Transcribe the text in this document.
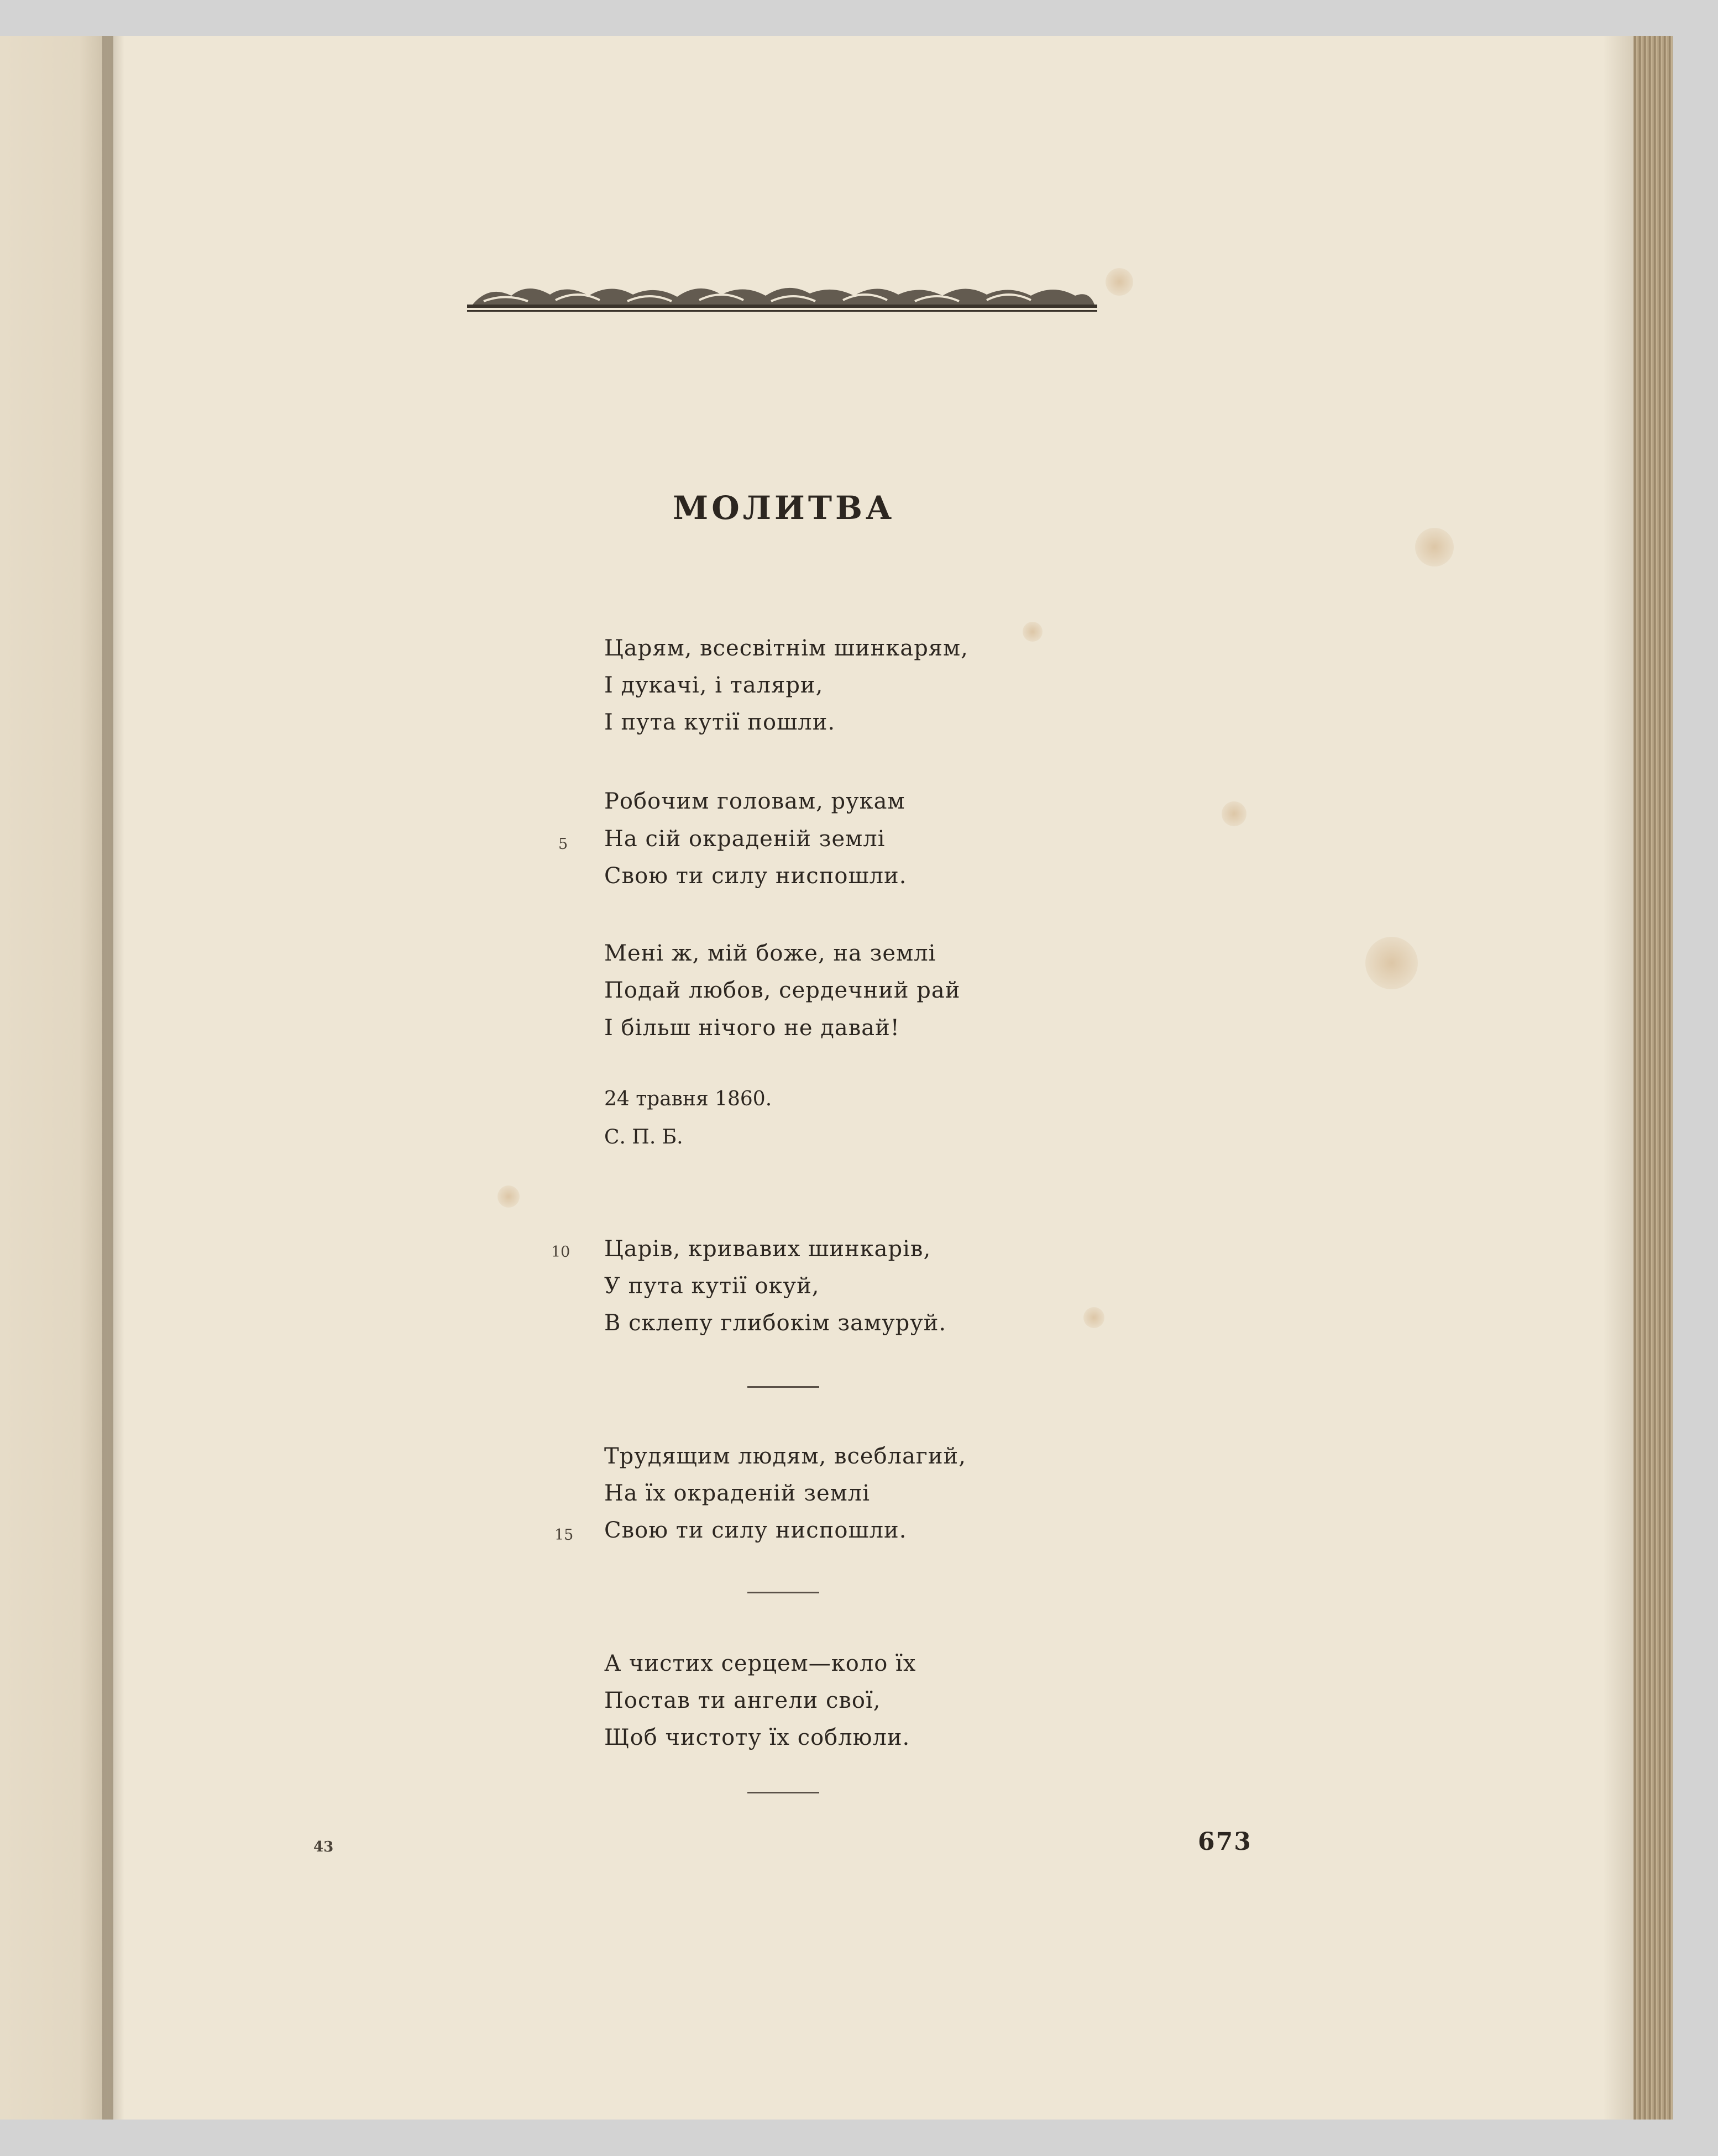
МОЛИТВА
Царям, всесвітнім шинкарям,
І дукачі, і таляри,
І пута кутії пошли.
Робочим головам, рукам
5 На сій окраденій землі
Свою ти силу ниспошли.
Мені ж, мій боже, на землі
Подай любов, сердечний рай
І більш нічого не давай!
24 травня 1860.
С. П. Б.
10 Царів, кривавих шинкарів,
У пута кутії окуй,
В склепу глибокім замуруй.
Трудящим людям, всеблагий,
На їх окраденій землі
15 Свою ти силу ниспошли.
А чистих серцем—коло їх
Постав ти ангели свої,
Щоб чистоту їх соблюли.
43	673
